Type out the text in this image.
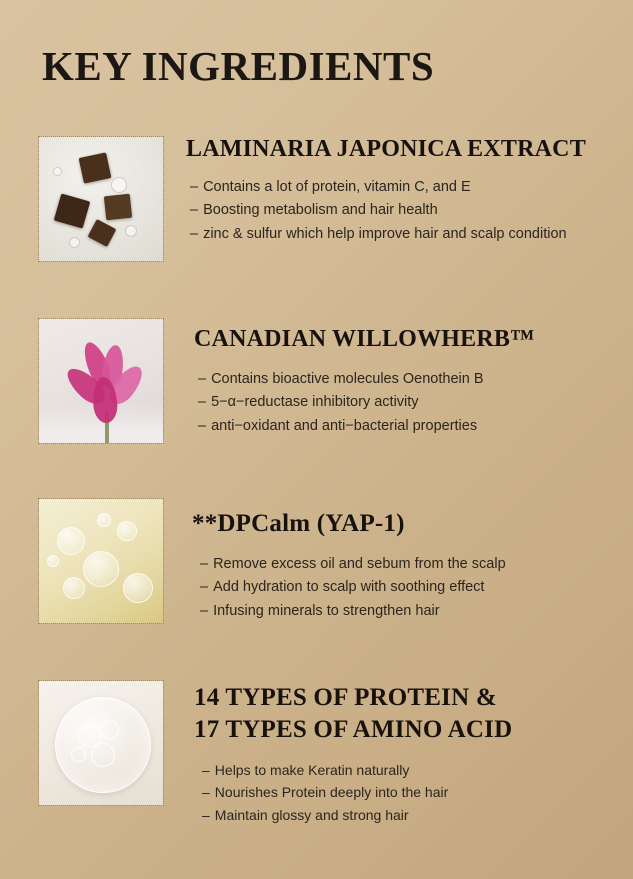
KEY INGREDIENTS
LAMINARIA JAPONICA EXTRACT
– Contains a lot of protein, vitamin C, and E
– Boosting metabolism and hair health
– zinc & sulfur which help improve hair and scalp condition
CANADIAN WILLOWHERB™
– Contains bioactive molecules Oenothein B
– 5−α−reductase inhibitory activity
– anti−oxidant and anti−bacterial properties
**DPCalm (YAP-1)
– Remove excess oil and sebum from the scalp
– Add hydration to scalp with soothing effect
– Infusing minerals to strengthen hair
14 TYPES OF PROTEIN &
17 TYPES OF AMINO ACID
– Helps to make Keratin naturally
– Nourishes Protein deeply into the hair
– Maintain glossy and strong hair
